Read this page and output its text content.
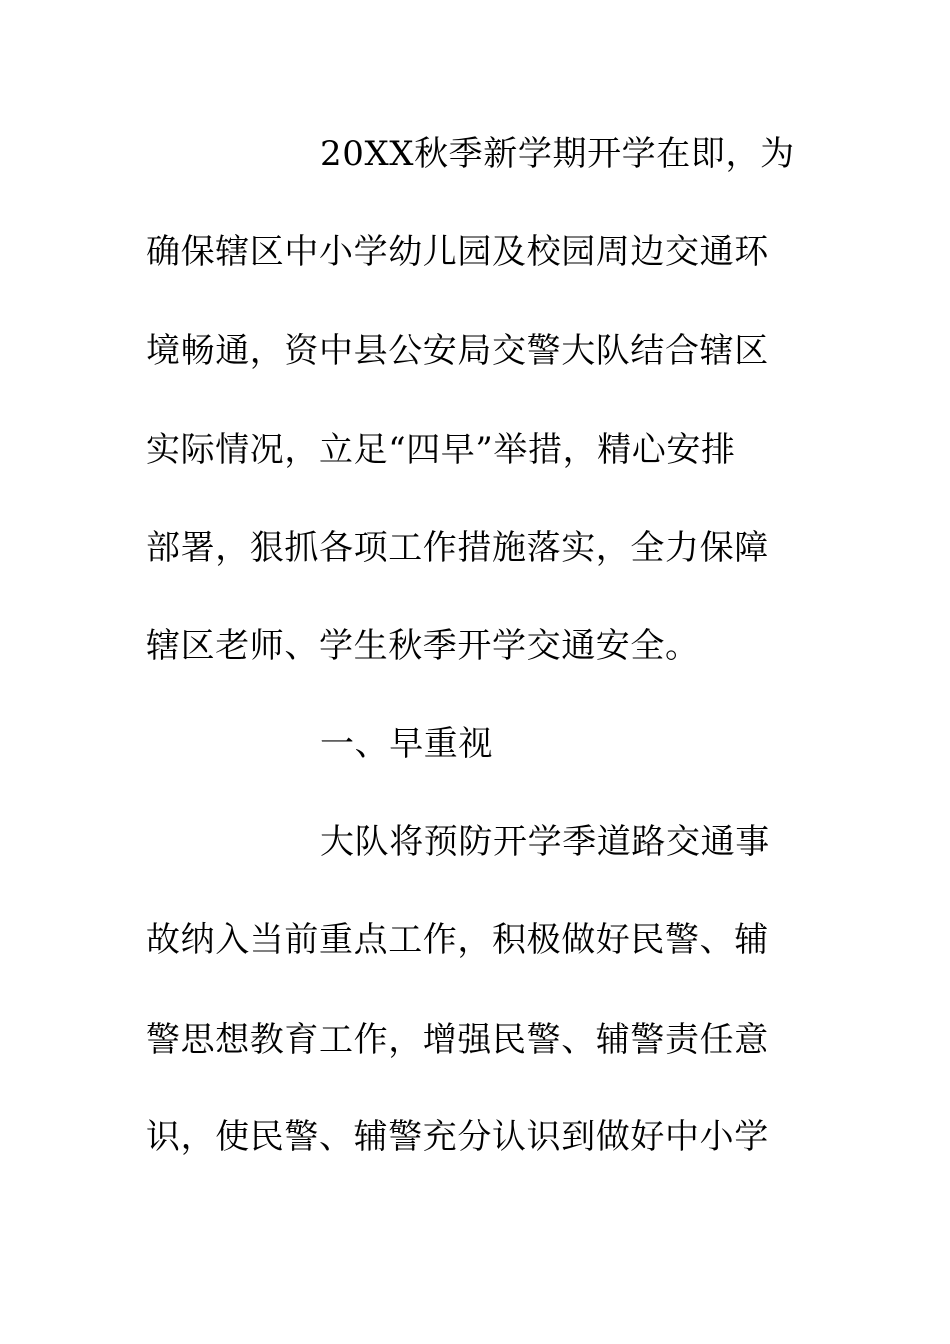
20XX秋季新学期开学在即，为
确保辖区中小学幼儿园及校园周边交通环
境畅通，资中县公安局交警大队结合辖区
实际情况，立足“四早”举措，精心安排
部署，狠抓各项工作措施落实，全力保障
辖区老师、学生秋季开学交通安全。
一、早重视
大队将预防开学季道路交通事
故纳入当前重点工作，积极做好民警、辅
警思想教育工作，增强民警、辅警责任意
识，使民警、辅警充分认识到做好中小学
